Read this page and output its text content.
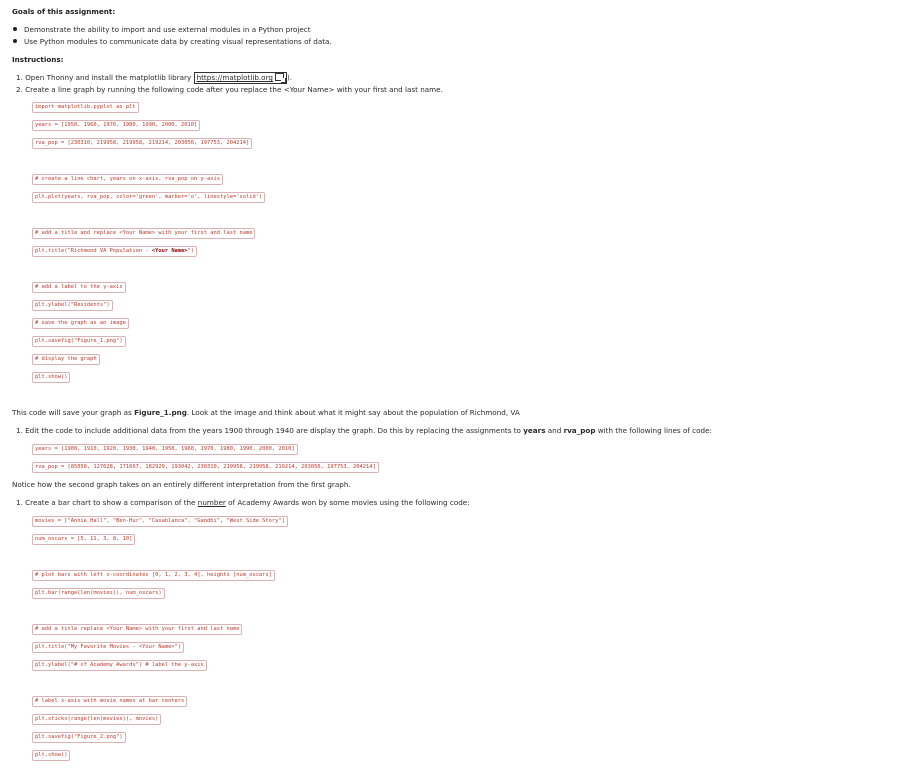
Goals of this assignment:
Demonstrate the ability to import and use external modules in a Python project
Use Python modules to communicate data by creating visual representations of data.
Instructions:
1. Open Thonny and install the matplotlib library https://matplotlib.org ).
2. Create a line graph by running the following code after you replace the <Your Name> with your first and last name.
import matplotlib.pyplot as plt
years = [1950, 1960, 1970, 1980, 1990, 2000, 2010]
rva_pop = [230310, 219958, 219958, 219214, 203056, 197753, 204214]
# create a line chart, years on x-axis, rva_pop on y-axis
plt.plot(years, rva_pop, color='green', marker='o', linestyle='solid')
# add a title and replace <Your Name> with your first and last name
plt.title("Richmond VA Population - <Your Name>")
# add a label to the y-axis
plt.ylabel("Residents")
# save the graph as an image
plt.savefig("Figure_1.png")
# display the graph
plt.show()
This code will save your graph as Figure_1.png. Look at the image and think about what it might say about the population of Richmond, VA
1. Edit the code to include additional data from the years 1900 through 1940 are display the graph. Do this by replacing the assignments to years and rva_pop with the following lines of code:
years = [1900, 1910, 1920, 1930, 1940, 1950, 1960, 1970, 1980, 1990, 2000, 2010]
rva_pop = [85050, 127628, 171667, 182929, 193042, 230310, 219958, 219958, 219214, 203056, 197753, 204214]
Notice how the second graph takes on an entirely different interpretation from the first graph.
1. Create a bar chart to show a comparison of the number of Academy Awards won by some movies using the following code:
movies = ["Annie Hall", "Ben-Hur", "Casablanca", "Gandhi", "West Side Story"]
num_oscars = [5, 11, 3, 8, 10]
# plot bars with left x-coordinates [0, 1, 2, 3, 4], heights [num_oscars]
plt.bar(range(len(movies)), num_oscars)
# add a title replace <Your Name> with your first and last name
plt.title("My Favorite Movies - <Your Name>")
plt.ylabel("# of Academy Awards") # label the y-axis
# label x-axis with movie names at bar centers
plt.xticks(range(len(movies)), movies)
plt.savefig("Figure_2.png")
plt.show()
